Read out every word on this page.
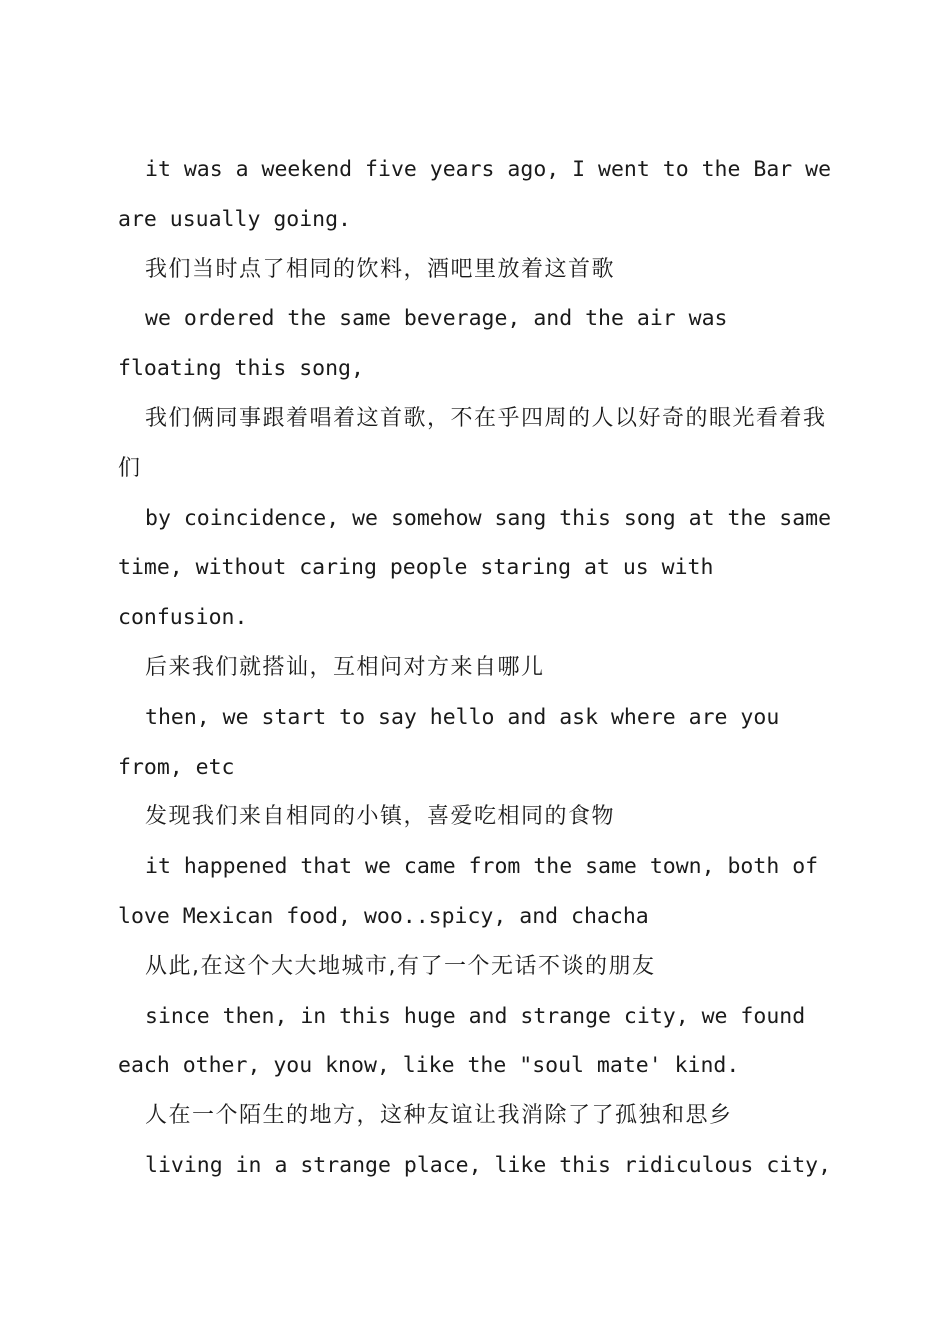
it was a weekend five years ago, I went to the Bar we are usually going.

我们当时点了相同的饮料，酒吧里放着这首歌

we ordered the same beverage, and the air was floating this song,

我们俩同事跟着唱着这首歌，不在乎四周的人以好奇的眼光看着我们

by coincidence, we somehow sang this song at the same time, without caring people staring at us with confusion.

后来我们就搭讪，互相问对方来自哪儿

then, we start to say hello and ask where are you from, etc

发现我们来自相同的小镇，喜爱吃相同的食物

it happened that we came from the same town, both of love Mexican food, woo..spicy, and chacha

从此,在这个大大地城市,有了一个无话不谈的朋友

since then, in this huge and strange city, we found each other, you know, like the "soul mate' kind.

人在一个陌生的地方，这种友谊让我消除了了孤独和思乡

living in a strange place, like this ridiculous city,
